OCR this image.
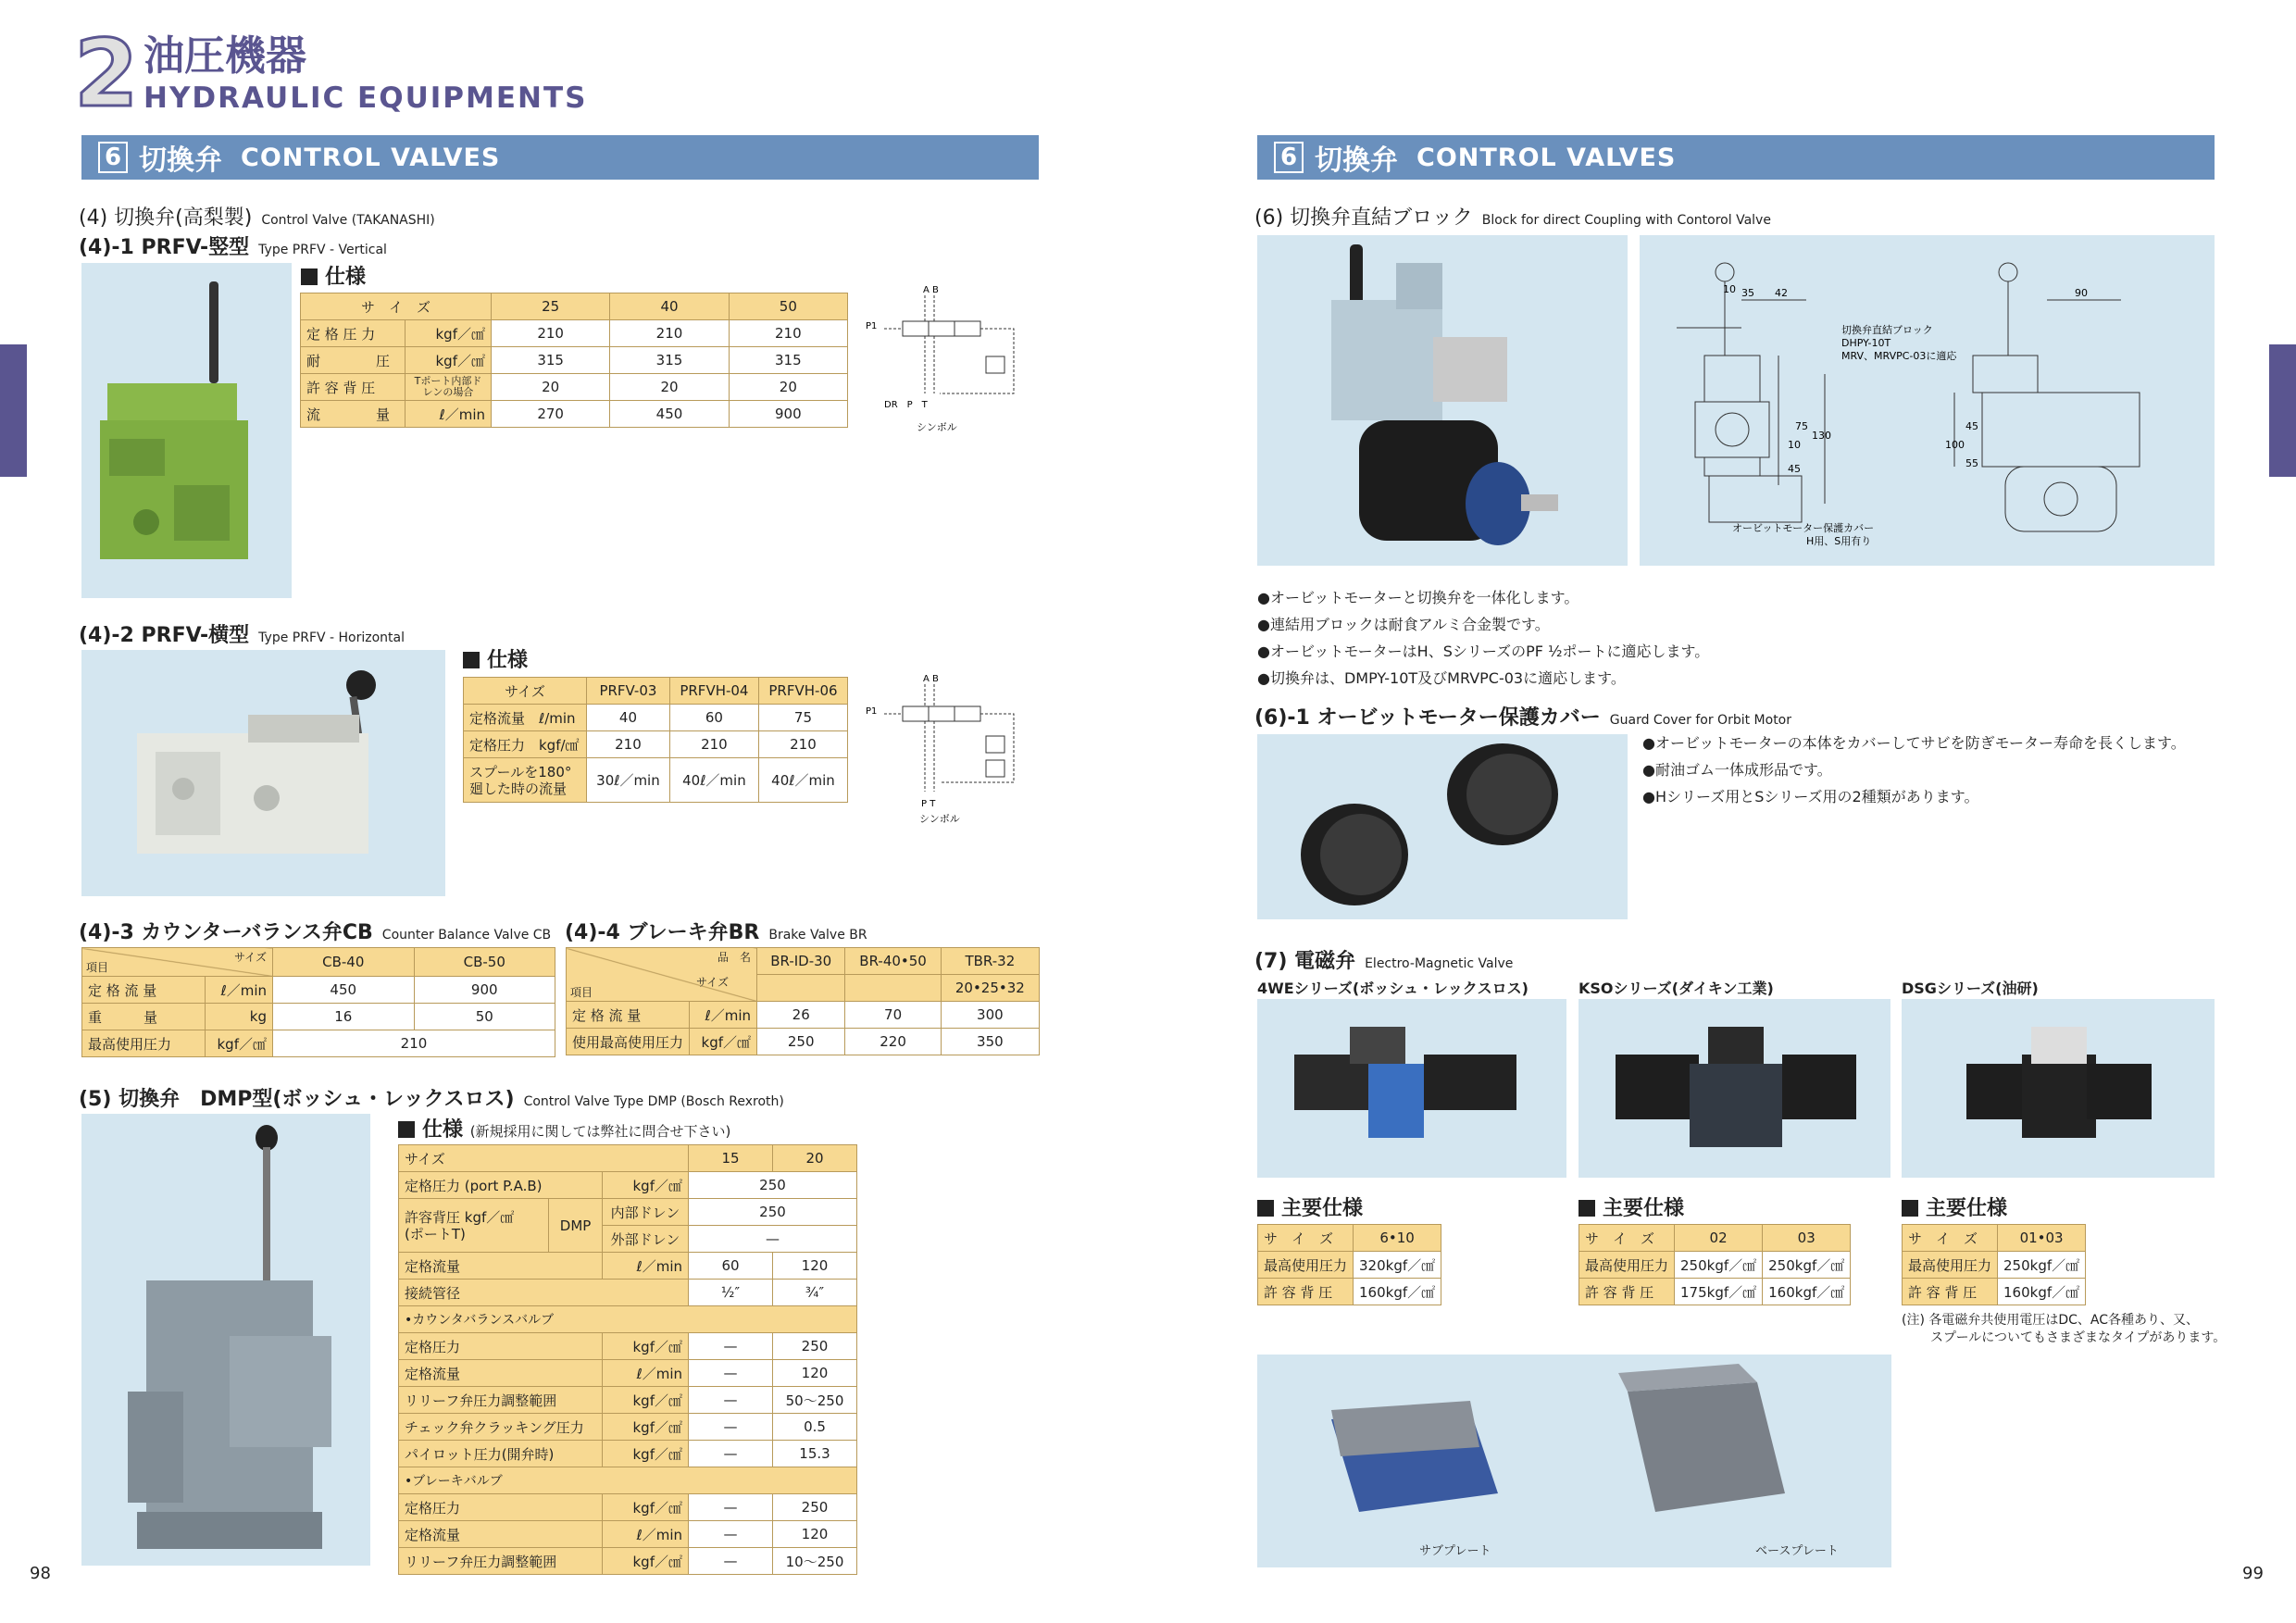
2 油圧機器
HYDRAULIC EQUIPMENTS
6 切換弁 CONTROL VALVES	6 切換弁 CONTROL VALVES
(4) 切換弁(高梨製) Control Valve (TAKANASHI)
(4)-1 PRFV-竪型 Type PRFV - Vertical
仕様
サ　イ　ズ		25	40	50
定 格 圧 力	kgf／㎠	210	210	210
耐　　　　圧	kgf／㎠	315	315	315
許 容 背 圧	Tポート内部ドレンの場合	20	20	20
流　　　　量	ℓ／min	270	450	900
A B
P1
DR　P　T
シンボル
(4)-2 PRFV-横型 Type PRFV - Horizontal
仕様
サイズ	PRFV-03	PRFVH-04	PRFVH-06
定格流量　ℓ/min	40	60	75
定格圧力　kgf/㎠	210	210	210
スプールを180°廻した時の流量	30ℓ／min	40ℓ／min	40ℓ／min
A B
P1
P T
シンボル
(4)-3 カウンターバランス弁CB Counter Balance Valve CB
サイズ
項目		CB-40	CB-50
定 格 流 量	ℓ／min	450	900
重　　　量	kg	16	50
最高使用圧力	kgf／㎠	210	
(4)-4 ブレーキ弁BR Brake Valve BR
品　名
サイズ
項目		BR-ID-30	BR-40•50	TBR-32
				20•25•32
定 格 流 量	ℓ／min	26	70	300
使用最高使用圧力	kgf／㎠	250	220	350
(5) 切換弁　DMP型(ボッシュ・レックスロス) Control Valve Type DMP (Bosch Rexroth)
仕様 (新規採用に関しては弊社に問合せ下さい)
サイズ			15	20
定格圧力 (port P.A.B)		kgf／㎠	250	
許容背圧 kgf／㎠
(ポートT)	DMP	内部ドレン	250	
		外部ドレン	—	
定格流量		ℓ／min	60	120
接続管径			½″	¾″
•カウンタバランスバルブ				
定格圧力		kgf／㎠	—	250
定格流量		ℓ／min	—	120
リリーフ弁圧力調整範囲		kgf／㎠	—	50〜250
チェック弁クラッキング圧力		kgf／㎠	—	0.5
パイロット圧力(開弁時)		kgf／㎠	—	15.3
•ブレーキバルブ				
定格圧力		kgf／㎠	—	250
定格流量		ℓ／min	—	120
リリーフ弁圧力調整範囲		kgf／㎠	—	10〜250
98
(6) 切換弁直結ブロック Block for direct Coupling with Contorol Valve
10 35 42
75
130
45
10
90
100
45
55
切換弁直結ブロック
DHPY-10T
MRV、MRVPC-03に適応
オービットモーター保護カバー
H用、S用有り
●オービットモーターと切換弁を一体化します。
●連結用ブロックは耐食アルミ合金製です。
●オービットモーターはH、SシリーズのPF ½ポートに適応します。
●切換弁は、DMPY-10T及びMRVPC-03に適応します。
(6)-1 オービットモーター保護カバー Guard Cover for Orbit Motor
●オービットモーターの本体をカバーしてサビを防ぎモーター寿命を長くします。
●耐油ゴム一体成形品です。
●Hシリーズ用とSシリーズ用の2種類があります。
(7) 電磁弁 Electro-Magnetic Valve
4WEシリーズ(ボッシュ・レックスロス)	KSOシリーズ(ダイキン工業)	DSGシリーズ(油研)
主要仕様	主要仕様	主要仕様
サ　イ　ズ	6•10
最高使用圧力	320kgf／㎠
許 容 背 圧	160kgf／㎠
サ　イ　ズ	02	03
最高使用圧力	250kgf／㎠	250kgf／㎠
許 容 背 圧	175kgf／㎠	160kgf／㎠
サ　イ　ズ	01•03
最高使用圧力	250kgf／㎠
許 容 背 圧	160kgf／㎠
(注) 各電磁弁共使用電圧はDC、AC各種あり、又、
スプールについてもさまざまなタイプがあります。
サブプレート	ベースプレート
99
